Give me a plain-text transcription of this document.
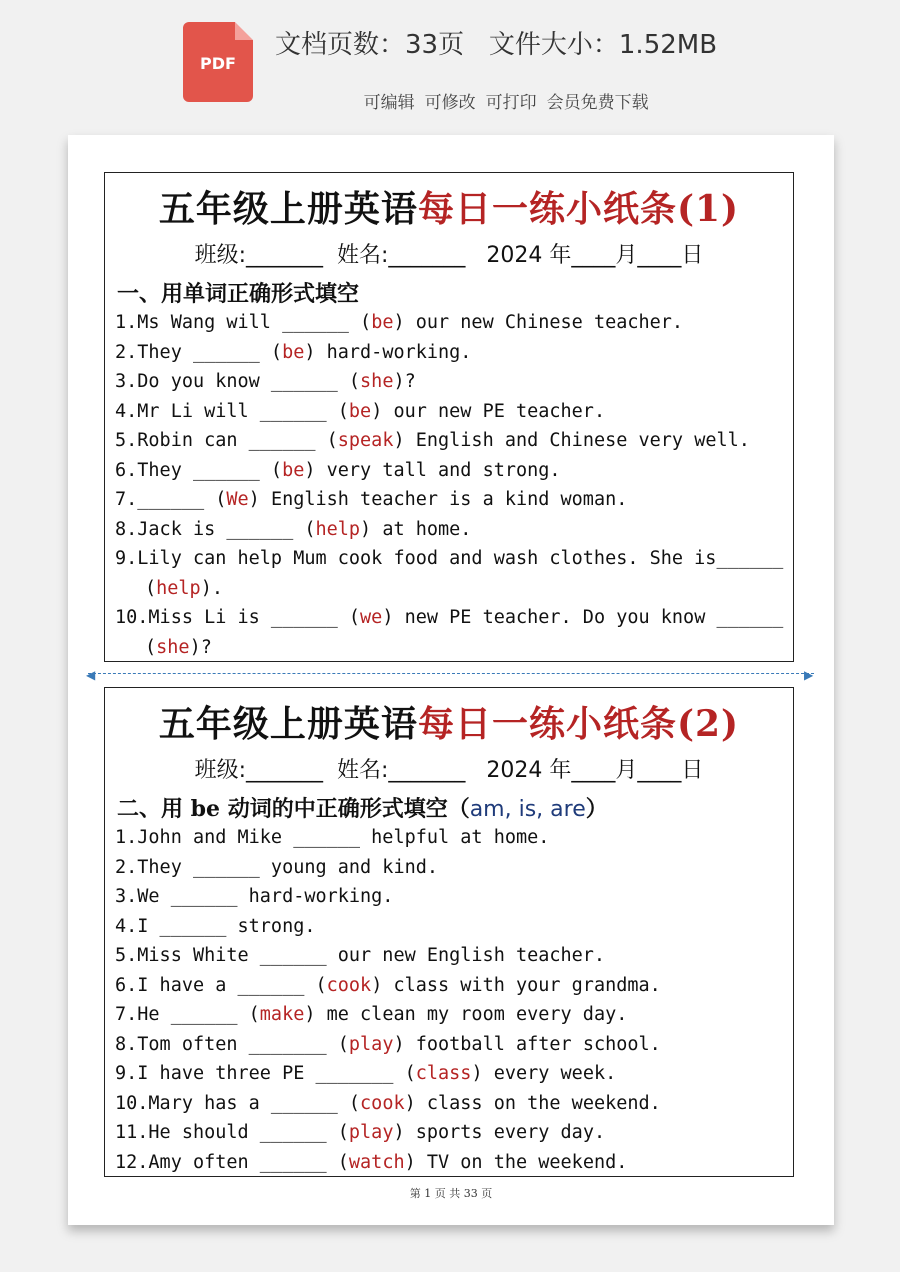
PDF
文档页数：33页 文件大小：1.52MB

可编辑 可修改 可打印 会员免费下载

五年级上册英语每日一练小纸条(1)
班级:_______  姓名:_______   2024 年____月____日
一、用单词正确形式填空
1.Ms Wang will ______ (be) our new Chinese teacher.
2.They ______ (be) hard-working.
3.Do you know ______ (she)?
4.Mr Li will ______ (be) our new PE teacher.
5.Robin can ______ (speak) English and Chinese very well.
6.They ______ (be) very tall and strong.
7.______ (We) English teacher is a kind woman.
8.Jack is ______ (help) at home.
9.Lily can help Mum cook food and wash clothes. She is______
(help).
10.Miss Li is ______ (we) new PE teacher. Do you know ______
(she)?
◀	▶
五年级上册英语每日一练小纸条(2)
班级:_______  姓名:_______   2024 年____月____日
二、用 be 动词的中正确形式填空（am, is, are）
1.John and Mike ______ helpful at home.
2.They ______ young and kind.
3.We ______ hard-working.
4.I ______ strong.
5.Miss White ______ our new English teacher.
6.I have a ______ (cook) class with your grandma.
7.He ______ (make) me clean my room every day.
8.Tom often _______ (play) football after school.
9.I have three PE _______ (class) every week.
10.Mary has a ______ (cook) class on the weekend.
11.He should ______ (play) sports every day.
12.Amy often ______ (watch) TV on the weekend.
第 1 页 共 33 页
